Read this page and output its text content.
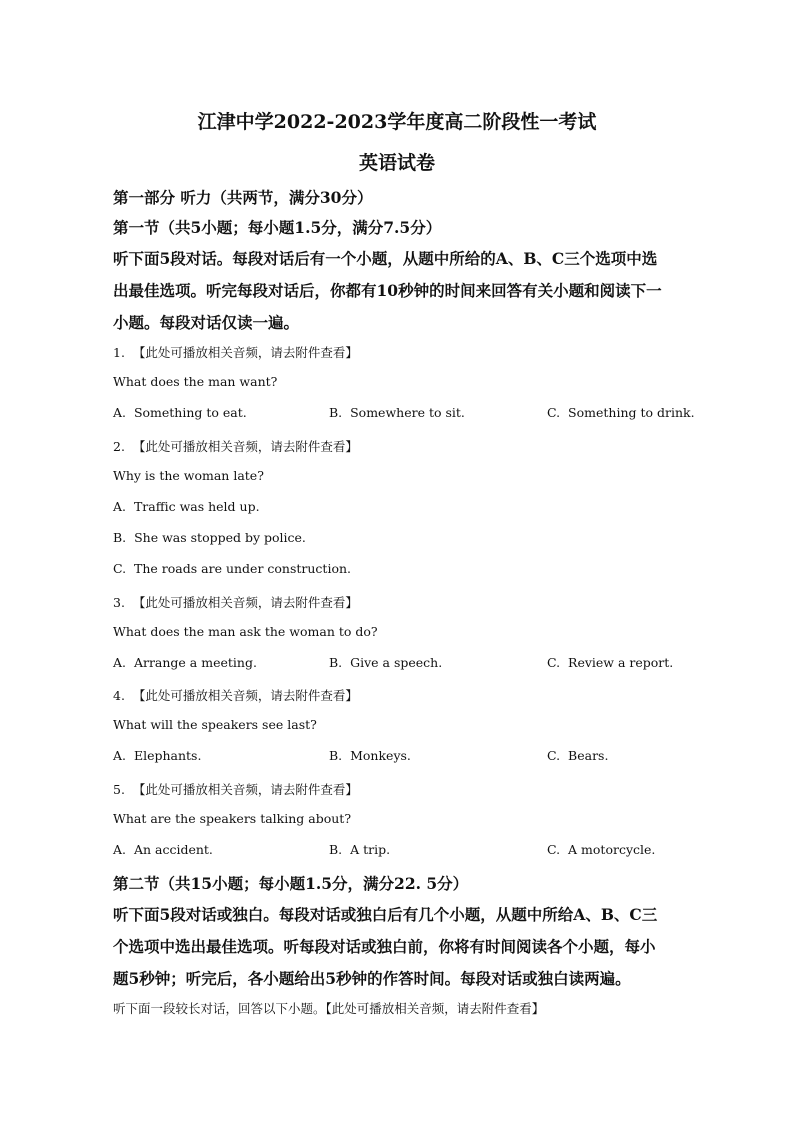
江津中学2022-2023学年度高二阶段性一考试
英语试卷
第一部分 听力（共两节，满分30分）
第一节（共5小题；每小题1.5分，满分7.5分）
听下面5段对话。每段对话后有一个小题，从题中所给的A、B、C三个选项中选
出最佳选项。听完每段对话后，你都有10秒钟的时间来回答有关小题和阅读下一
小题。每段对话仅读一遍。
1.  【此处可播放相关音频，请去附件查看】
What does the man want?
A.  Something to eat.	B.  Somewhere to sit.	C.  Something to drink.
2.  【此处可播放相关音频，请去附件查看】
Why is the woman late?
A.  Traffic was held up.
B.  She was stopped by police.
C.  The roads are under construction.
3.  【此处可播放相关音频，请去附件查看】
What does the man ask the woman to do?
A.  Arrange a meeting.	B.  Give a speech.	C.  Review a report.
4.  【此处可播放相关音频，请去附件查看】
What will the speakers see last?
A.  Elephants.	B.  Monkeys.	C.  Bears.
5.  【此处可播放相关音频，请去附件查看】
What are the speakers talking about?
A.  An accident.	B.  A trip.	C.  A motorcycle.
第二节（共15小题；每小题1.5分，满分22. 5分）
听下面5段对话或独白。每段对话或独白后有几个小题，从题中所给A、B、C三
个选项中选出最佳选项。听每段对话或独白前，你将有时间阅读各个小题，每小
题5秒钟；听完后，各小题给出5秒钟的作答时间。每段对话或独白读两遍。
听下面一段较长对话，回答以下小题。【此处可播放相关音频，请去附件查看】
